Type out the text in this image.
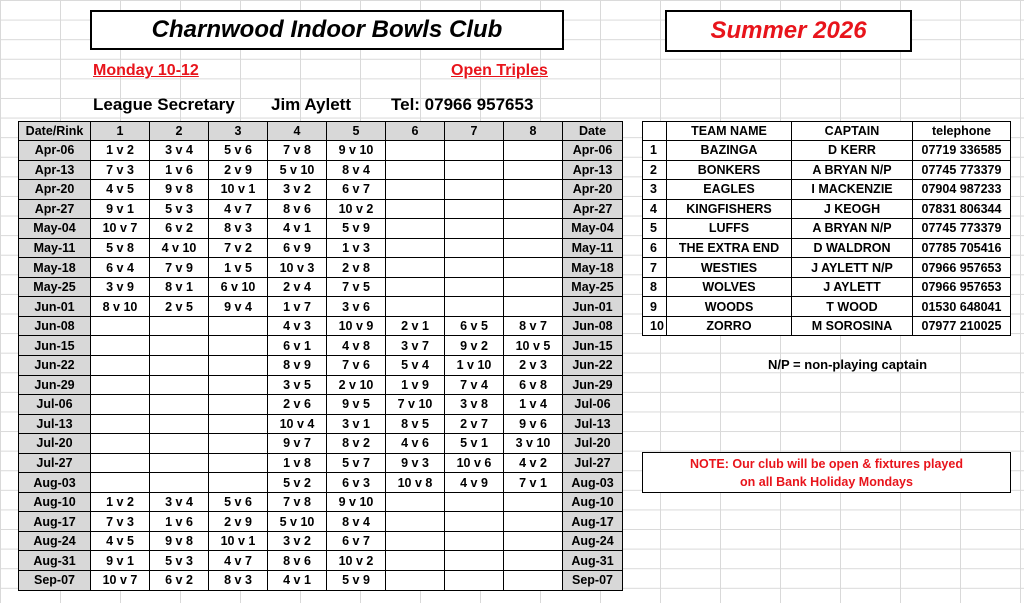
Charnwood Indoor Bowls Club	Summer 2026
Monday 10-12	Open Triples
League Secretary Jim Aylett Tel: 07966 957653
Date/Rink	1	2	3	4	5	6	7	8	Date
Apr-06	1 v 2	3 v 4	5 v 6	7 v 8	9 v 10				Apr-06
Apr-13	7 v 3	1 v 6	2 v 9	5 v 10	8 v 4				Apr-13
Apr-20	4 v 5	9 v 8	10 v 1	3 v 2	6 v 7				Apr-20
Apr-27	9 v 1	5 v 3	4 v 7	8 v 6	10 v 2				Apr-27
May-04	10 v 7	6 v 2	8 v 3	4 v 1	5 v 9				May-04
May-11	5 v 8	4 v 10	7 v 2	6 v 9	1 v 3				May-11
May-18	6 v 4	7 v 9	1 v 5	10 v 3	2 v 8				May-18
May-25	3 v 9	8 v 1	6 v 10	2 v 4	7 v 5				May-25
Jun-01	8 v 10	2 v 5	9 v 4	1 v 7	3 v 6				Jun-01
Jun-08				4 v 3	10 v 9	2 v 1	6 v 5	8 v 7	Jun-08
Jun-15				6 v 1	4 v 8	3 v 7	9 v 2	10 v 5	Jun-15
Jun-22				8 v 9	7 v 6	5 v 4	1 v 10	2 v 3	Jun-22
Jun-29				3 v 5	2 v 10	1 v 9	7 v 4	6 v 8	Jun-29
Jul-06				2 v 6	9 v 5	7 v 10	3 v 8	1 v 4	Jul-06
Jul-13				10 v 4	3 v 1	8 v 5	2 v 7	9 v 6	Jul-13
Jul-20				9 v 7	8 v 2	4 v 6	5 v 1	3 v 10	Jul-20
Jul-27				1 v 8	5 v 7	9 v 3	10 v 6	4 v 2	Jul-27
Aug-03				5 v 2	6 v 3	10 v 8	4 v 9	7 v 1	Aug-03
Aug-10	1 v 2	3 v 4	5 v 6	7 v 8	9 v 10				Aug-10
Aug-17	7 v 3	1 v 6	2 v 9	5 v 10	8 v 4				Aug-17
Aug-24	4 v 5	9 v 8	10 v 1	3 v 2	6 v 7				Aug-24
Aug-31	9 v 1	5 v 3	4 v 7	8 v 6	10 v 2				Aug-31
Sep-07	10 v 7	6 v 2	8 v 3	4 v 1	5 v 9				Sep-07
	TEAM NAME	CAPTAIN	telephone
1	BAZINGA	D KERR	07719 336585
2	BONKERS	A BRYAN N/P	07745 773379
3	EAGLES	I MACKENZIE	07904 987233
4	KINGFISHERS	J KEOGH	07831 806344
5	LUFFS	A BRYAN N/P	07745 773379
6	THE EXTRA END	D WALDRON	07785 705416
7	WESTIES	J AYLETT N/P	07966 957653
8	WOLVES	J AYLETT	07966 957653
9	WOODS	T WOOD	01530 648041
10	ZORRO	M SOROSINA	07977 210025
N/P = non-playing captain
NOTE: Our club will be open & fixtures played
on all Bank Holiday Mondays
